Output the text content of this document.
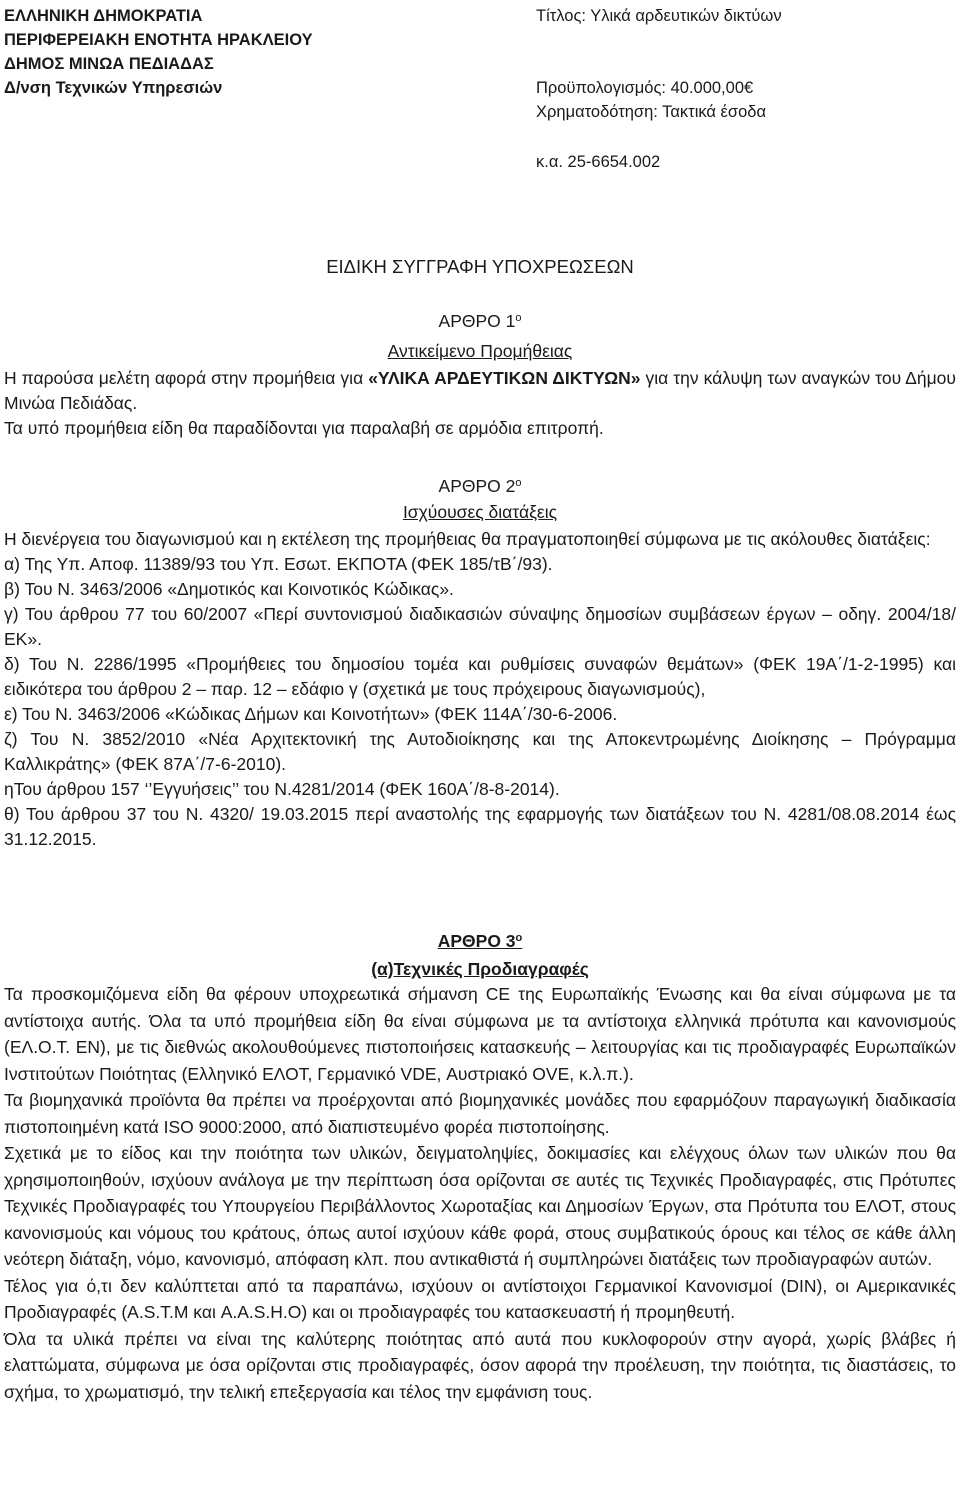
ΕΛΛΗΝΙΚΗ ΔΗΜΟΚΡΑΤΙΑ
ΠΕΡΙΦΕΡΕΙΑΚΗ ΕΝΟΤΗΤΑ ΗΡΑΚΛΕΙΟΥ
ΔΗΜΟΣ ΜΙΝΩΑ ΠΕΔΙΑΔΑΣ
Δ/νση Τεχνικών Υπηρεσιών
Τίτλος: Υλικά αρδευτικών δικτύων
Προϋπολογισμός: 40.000,00€
Χρηματοδότηση: Τακτικά έσοδα
κ.α. 25-6654.002
ΕΙΔΙΚΗ ΣΥΓΓΡΑΦΗ ΥΠΟΧΡΕΩΣΕΩΝ
ΑΡΘΡΟ $1^o$
Αντικείμενο Προμήθειας

Η παρούσα μελέτη αφορά στην προμήθεια για «ΥΛΙΚΑ ΑΡΔΕΥΤΙΚΩΝ ΔΙΚΤΥΩΝ» για την κάλυψη των αναγκών του Δήμου Μινώα Πεδιάδας.

Τα υπό προμήθεια είδη θα παραδίδονται για παραλαβή σε αρμόδια επιτροπή.

ΑΡΘΡΟ $2^o$
Ισχύουσες διατάξεις

Η διενέργεια του διαγωνισμού και η εκτέλεση της προμήθειας θα πραγματοποιηθεί σύμφωνα με τις ακόλουθες διατάξεις:

α) Της Υπ. Αποφ. 11389/93 του Υπ. Εσωτ. ΕΚΠΟΤΑ (ΦΕΚ 185/τΒ΄/93).

β) Του Ν. 3463/2006 «Δημοτικός και Κοινοτικός Κώδικας».

γ) Του άρθρου 77 του 60/2007 «Περί συντονισμού διαδικασιών σύναψης δημοσίων συμβάσεων έργων – οδηγ. 2004/18/ΕΚ».

δ) Του Ν. 2286/1995 «Προμήθειες του δημοσίου τομέα και ρυθμίσεις συναφών θεμάτων» (ΦΕΚ 19Α΄/1-2-1995) και ειδικότερα του άρθρου 2 – παρ. 12 – εδάφιο γ (σχετικά με τους πρόχειρους διαγωνισμούς),

ε) Του Ν. 3463/2006 «Κώδικας Δήμων και Κοινοτήτων» (ΦΕΚ 114Α΄/30-6-2006.

ζ) Του Ν. 3852/2010 «Νέα Αρχιτεκτονική της Αυτοδιοίκησης και της Αποκεντρωμένης Διοίκησης – Πρόγραμμα Καλλικράτης» (ΦΕΚ 87Α΄/7-6-2010).

ηΤου άρθρου 157 ‘’Εγγυήσεις’’ του Ν.4281/2014 (ΦΕΚ 160Α΄/8-8-2014).

θ) Του άρθρου 37 του Ν. 4320/ 19.03.2015 περί αναστολής της εφαρμογής των διατάξεων του Ν. 4281/08.08.2014 έως 31.12.2015.

ΑΡΘΡΟ $3^o$
(α)Τεχνικές Προδιαγραφές

Τα προσκομιζόμενα είδη θα φέρουν υποχρεωτικά σήμανση CE της Ευρωπαϊκής Ένωσης και θα είναι σύμφωνα με τα αντίστοιχα αυτής. Όλα τα υπό προμήθεια είδη θα είναι σύμφωνα με τα αντίστοιχα ελληνικά πρότυπα και κανονισμούς (ΕΛ.Ο.Τ. ΕΝ), με τις διεθνώς ακολουθούμενες πιστοποιήσεις κατασκευής – λειτουργίας και τις προδιαγραφές Ευρωπαϊκών Ινστιτούτων Ποιότητας (Ελληνικό ΕΛΟΤ, Γερμανικό VDE, Αυστριακό OVE, κ.λ.π.).

Τα βιομηχανικά προϊόντα θα πρέπει να προέρχονται από βιομηχανικές μονάδες που εφαρμόζουν παραγωγική διαδικασία πιστοποιημένη κατά ISO 9000:2000, από διαπιστευμένο φορέα πιστοποίησης.

Σχετικά με το είδος και την ποιότητα των υλικών, δειγματοληψίες, δοκιμασίες και ελέγχους όλων των υλικών που θα χρησιμοποιηθούν, ισχύουν ανάλογα με την περίπτωση όσα ορίζονται σε αυτές τις Τεχνικές Προδιαγραφές, στις Πρότυπες Τεχνικές Προδιαγραφές του Υπουργείου Περιβάλλοντος Χωροταξίας και Δημοσίων Έργων, στα Πρότυπα του ΕΛΟΤ, στους κανονισμούς και νόμους του κράτους, όπως αυτοί ισχύουν κάθε φορά, στους συμβατικούς όρους και τέλος σε κάθε άλλη νεότερη διάταξη, νόμο, κανονισμό, απόφαση κλπ. που αντικαθιστά ή συμπληρώνει διατάξεις των προδιαγραφών αυτών.

Τέλος για ό,τι δεν καλύπτεται από τα παραπάνω, ισχύουν οι αντίστοιχοι Γερμανικοί Κανονισμοί (DIN), οι Αμερικανικές Προδιαγραφές (A.S.T.M και A.A.S.H.O) και οι προδιαγραφές του κατασκευαστή ή προμηθευτή.

Όλα τα υλικά πρέπει να είναι της καλύτερης ποιότητας από αυτά που κυκλοφορούν στην αγορά, χωρίς βλάβες ή ελαττώματα, σύμφωνα με όσα ορίζονται στις προδιαγραφές, όσον αφορά την προέλευση, την ποιότητα, τις διαστάσεις, το σχήμα, το χρωματισμό, την τελική επεξεργασία και τέλος την εμφάνιση τους.
